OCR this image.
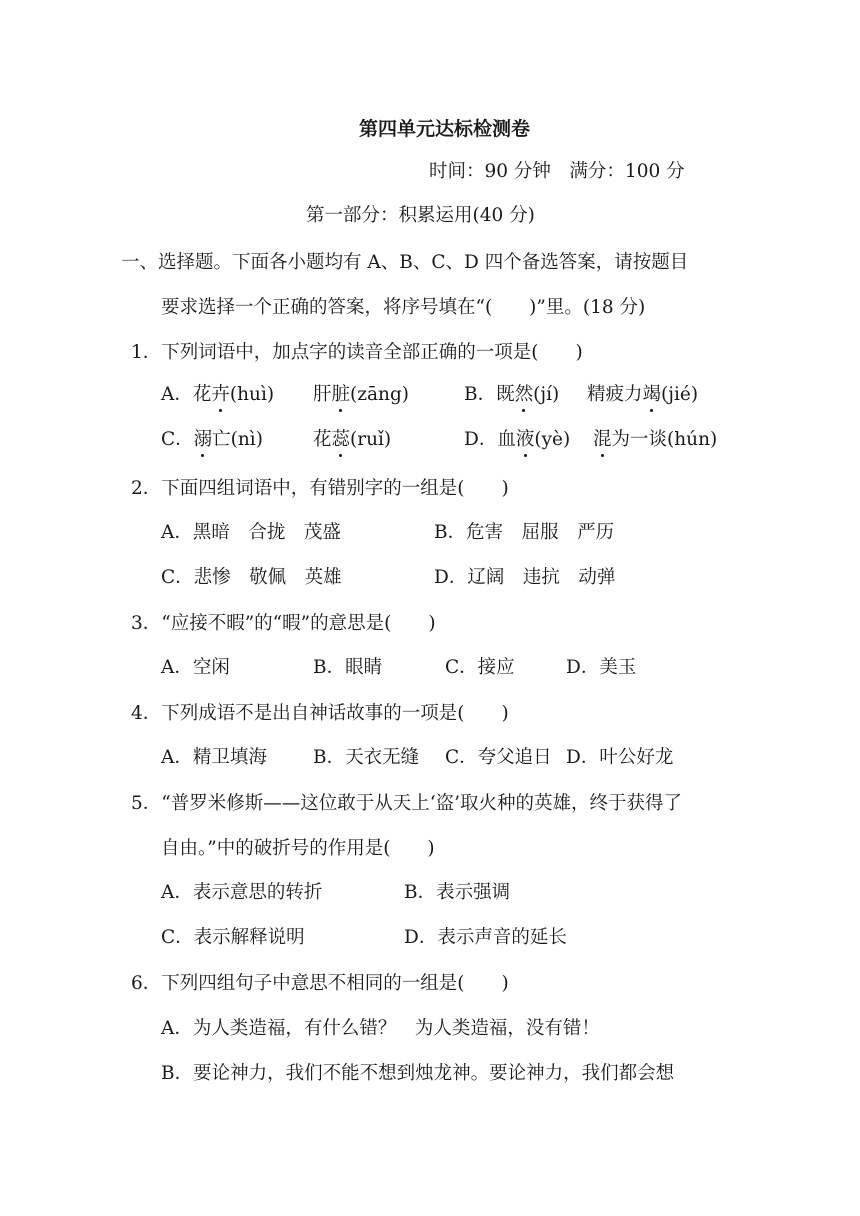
第四单元达标检测卷
时间：90 分钟　满分：100 分
第一部分：积累运用(40 分)
一、选择题。下面各小题均有 A、B、C、D 四个备选答案，请按题目
要求选择一个正确的答案，将序号填在“(　　)”里。(18 分)
1．下列词语中，加点字的读音全部正确的一项是(　　)
A．花卉(huì) 肝脏(zāng)	B．既然(jí) 精疲力竭(jié)
C．溺亡(nì)	花蕊(ruǐ)	D．血液(yè) 混为一谈(hún)
2．下面四组词语中，有错别字的一组是(　　)
A．黑暗　合拢　茂盛	B．危害　屈服　严历
C．悲惨　敬佩　英雄	D．辽阔　违抗　动弹
3．“应接不暇”的“暇”的意思是(　　)
A．空闲	B．眼睛	C．接应	D．美玉
4．下列成语不是出自神话故事的一项是(　　)
A．精卫填海 B．天衣无缝 C．夸父追日 D．叶公好龙
5．“普罗米修斯——这位敢于从天上‘盗’取火种的英雄，终于获得了
自由。”中的破折号的作用是(　　)
A．表示意思的转折	B．表示强调
C．表示解释说明	D．表示声音的延长
6．下列四组句子中意思不相同的一组是(　　)
A．为人类造福，有什么错？　为人类造福，没有错！
B．要论神力，我们不能不想到烛龙神。要论神力，我们都会想
